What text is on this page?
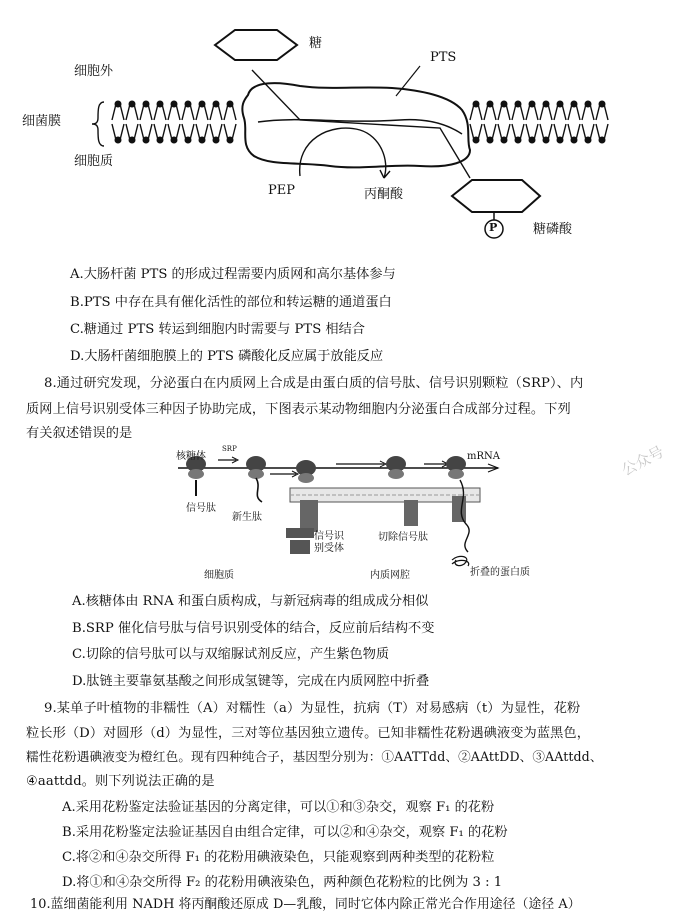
糖
PTS
细胞外
细菌膜
细胞质
PEP	丙酮酸
P	糖磷酸
A.大肠杆菌 PTS 的形成过程需要内质网和高尔基体参与
B.PTS 中存在具有催化活性的部位和转运糖的通道蛋白
C.糖通过 PTS 转运到细胞内时需要与 PTS 相结合
D.大肠杆菌细胞膜上的 PTS 磷酸化反应属于放能反应
8.通过研究发现，分泌蛋白在内质网上合成是由蛋白质的信号肽、信号识别颗粒（SRP）、内
质网上信号识别受体三种因子协助完成，下图表示某动物细胞内分泌蛋白合成部分过程。下列
有关叙述错误的是
核糖体
SRP
mRNA
信号肽
新生肽
信号识别受体
切除信号肽
细胞质	内质网腔	折叠的蛋白质
A.核糖体由 RNA 和蛋白质构成，与新冠病毒的组成成分相似
B.SRP 催化信号肽与信号识别受体的结合，反应前后结构不变
C.切除的信号肽可以与双缩脲试剂反应，产生紫色物质
D.肽链主要靠氨基酸之间形成氢键等，完成在内质网腔中折叠
9.某单子叶植物的非糯性（A）对糯性（a）为显性，抗病（T）对易感病（t）为显性，花粉
粒长形（D）对圆形（d）为显性，三对等位基因独立遗传。已知非糯性花粉遇碘液变为蓝黑色，
糯性花粉遇碘液变为橙红色。现有四种纯合子，基因型分别为：①AATTdd、②AAttDD、③AAttdd、
④aattdd。则下列说法正确的是
A.采用花粉鉴定法验证基因的分离定律，可以①和③杂交，观察 F₁ 的花粉
B.采用花粉鉴定法验证基因自由组合定律，可以②和④杂交，观察 F₁ 的花粉
C.将②和④杂交所得 F₁ 的花粉用碘液染色，只能观察到两种类型的花粉粒
D.将①和④杂交所得 F₂ 的花粉用碘液染色，两种颜色花粉粒的比例为 3 : 1
10.蓝细菌能利用 NADH 将丙酮酸还原成 D—乳酸，同时它体内除正常光合作用途径（途径 A）
公众号
